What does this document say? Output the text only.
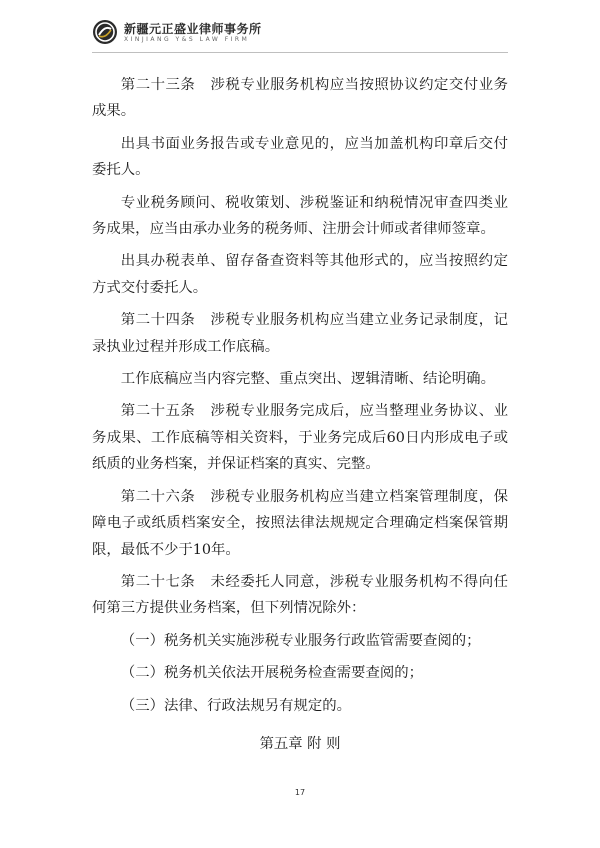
新疆元正盛业律师事务所
XINJIANG Y&S LAW FIRM

第二十三条 涉税专业服务机构应当按照协议约定交付业务成果。

出具书面业务报告或专业意见的，应当加盖机构印章后交付委托人。

专业税务顾问、税收策划、涉税鉴证和纳税情况审查四类业务成果，应当由承办业务的税务师、注册会计师或者律师签章。

出具办税表单、留存备查资料等其他形式的，应当按照约定方式交付委托人。

第二十四条 涉税专业服务机构应当建立业务记录制度，记录执业过程并形成工作底稿。

工作底稿应当内容完整、重点突出、逻辑清晰、结论明确。

第二十五条 涉税专业服务完成后，应当整理业务协议、业务成果、工作底稿等相关资料，于业务完成后60日内形成电子或纸质的业务档案，并保证档案的真实、完整。

第二十六条 涉税专业服务机构应当建立档案管理制度，保障电子或纸质档案安全，按照法律法规规定合理确定档案保管期限，最低不少于10年。

第二十七条 未经委托人同意，涉税专业服务机构不得向任何第三方提供业务档案，但下列情况除外：

（一）税务机关实施涉税专业服务行政监管需要查阅的；

（二）税务机关依法开展税务检查需要查阅的；

（三）法律、行政法规另有规定的。

第五章 附 则

17
